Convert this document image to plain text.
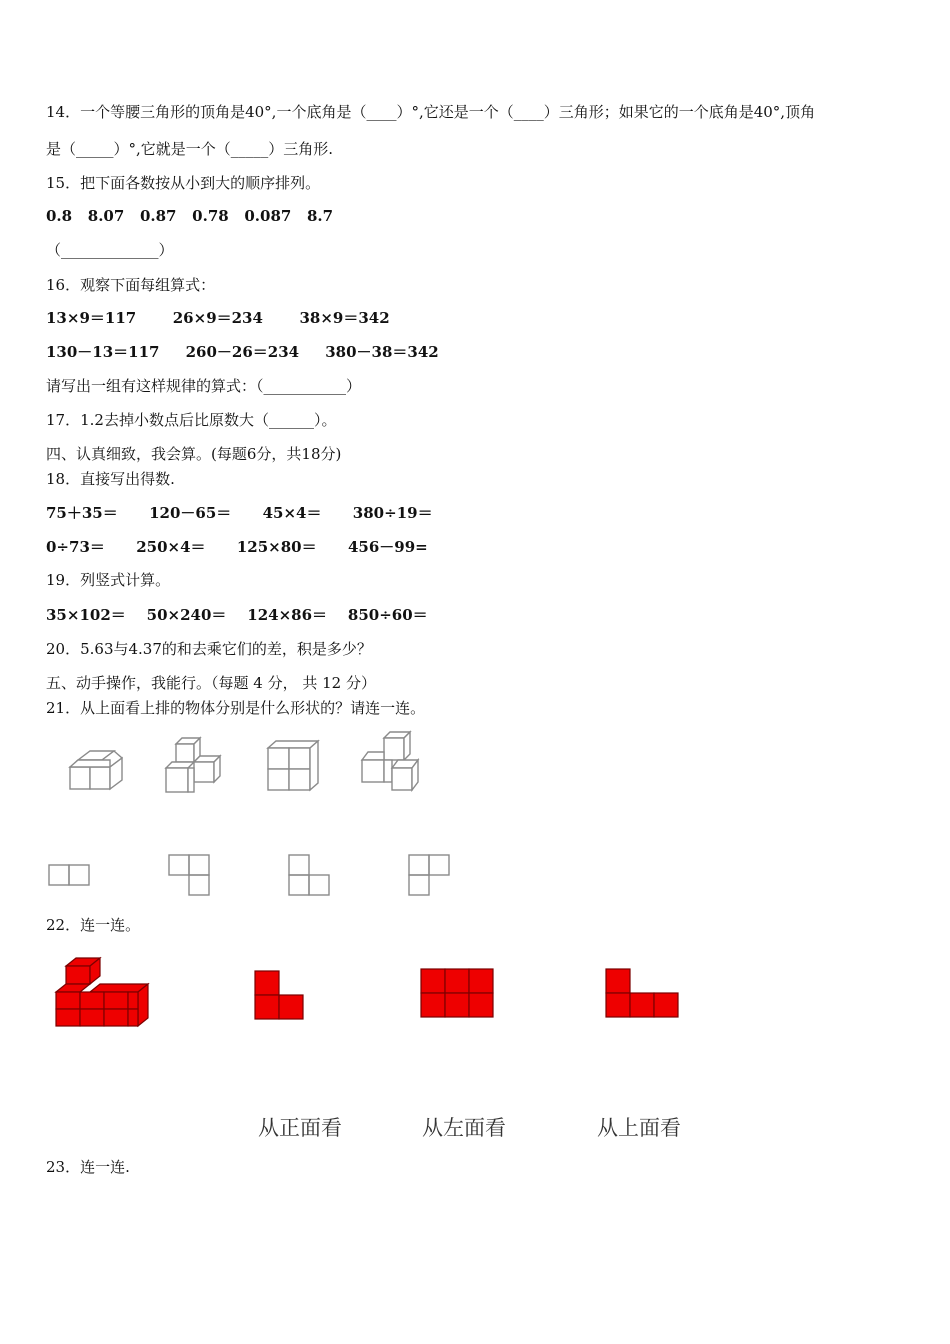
14．一个等腰三角形的顶角是40°,一个底角是（____）°,它还是一个（____）三角形；如果它的一个底角是40°,顶角
是（_____）°,它就是一个（_____）三角形.
15．把下面各数按从小到大的顺序排列。
0.8   8.07   0.87   0.78   0.087   8.7
（_____________）
16．观察下面每组算式：
13×9＝117       26×9＝234       38×9＝342
130－13＝117     260－26＝234     380－38＝342
请写出一组有这样规律的算式：（___________）
17．1.2去掉小数点后比原数大（______）。
四、认真细致，我会算。(每题6分，共18分)
18．直接写出得数.
75＋35＝      120－65＝      45×4＝      380÷19＝
0÷73＝      250×4＝      125×80＝      456－99=
19．列竖式计算。
35×102＝    50×240＝    124×86＝    850÷60＝
20．5.63与4.37的和去乘它们的差，积是多少？
五、动手操作，我能行。（每题 4 分， 共 12 分）
21．从上面看上排的物体分别是什么形状的？请连一连。
22．连一连。
从正面看	从左面看	从上面看
23．连一连.
